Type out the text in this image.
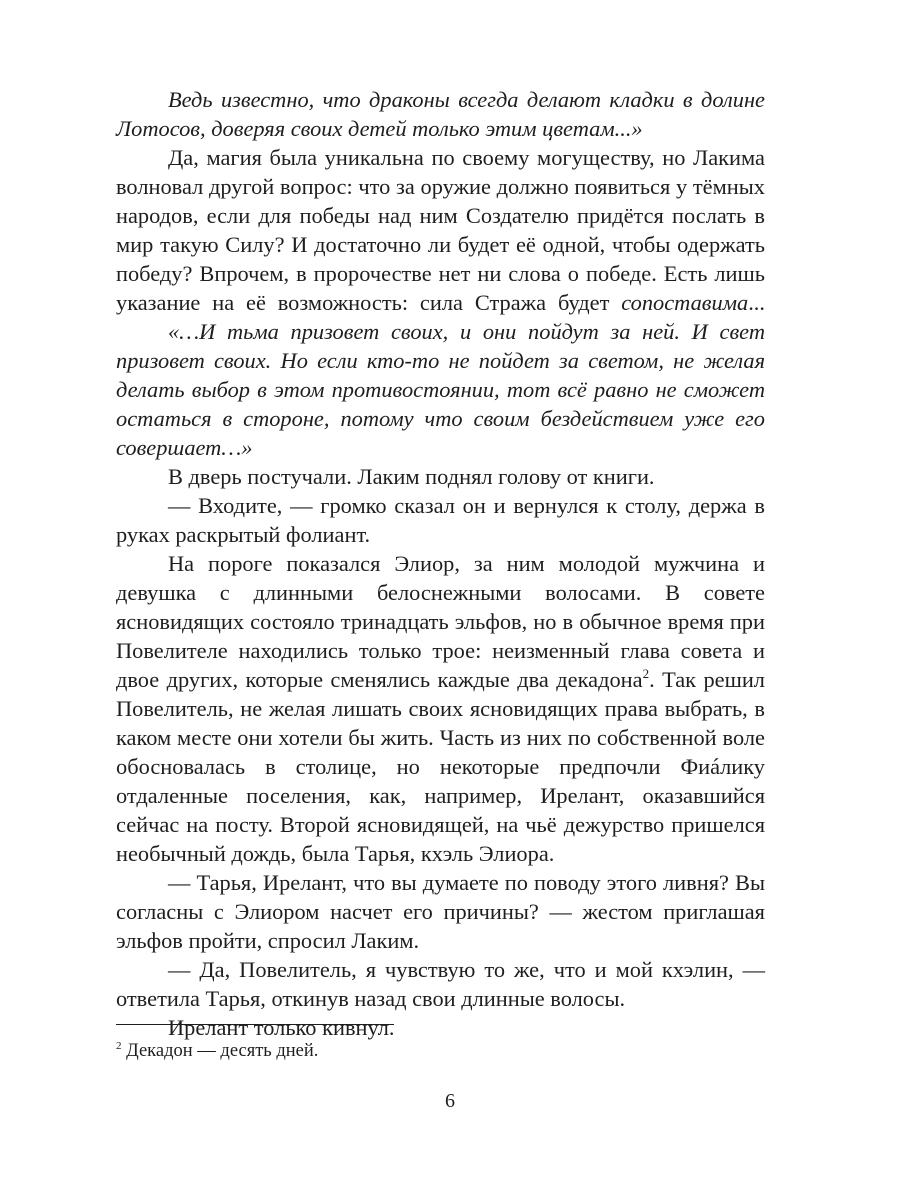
Ведь известно, что драконы всегда делают кладки в долине Лотосов, доверяя своих детей только этим цветам...»

Да, магия была уникальна по своему могуществу, но Лакима волновал другой вопрос: что за оружие должно появиться у тёмных народов, если для победы над ним Создателю придётся послать в мир такую Силу? И достаточно ли будет её одной, чтобы одержать победу? Впрочем, в пророчестве нет ни слова о победе. Есть лишь указание на её возможность: сила Стража будет сопоставима...

«…И тьма призовет своих, и они пойдут за ней. И свет призовет своих. Но если кто-то не пойдет за светом, не желая делать выбор в этом противостоянии, тот всё равно не сможет остаться в стороне, потому что своим бездействием уже его совершает…»

В дверь постучали. Лаким поднял голову от книги.

— Входите, — громко сказал он и вернулся к столу, держа в руках раскрытый фолиант.

На пороге показался Элиор, за ним молодой мужчина и девушка с длинными белоснежными волосами. В совете ясновидящих состояло тринадцать эльфов, но в обычное время при Повелителе находились только трое: неизменный глава совета и двое других, которые сменялись каждые два декадона$^2$. Так решил Повелитель, не желая лишать своих ясновидящих права выбрать, в каком месте они хотели бы жить. Часть из них по собственной воле обосновалась в столице, но некоторые предпочли Фиáлику отдаленные поселения, как, например, Ирелант, оказавшийся сейчас на посту. Второй ясновидящей, на чьё дежурство пришелся необычный дождь, была Тарья, кхэль Элиора.

— Тарья, Ирелант, что вы думаете по поводу этого ливня? Вы согласны с Элиором насчет его причины? — жестом приглашая эльфов пройти, спросил Лаким.

— Да, Повелитель, я чувствую то же, что и мой кхэлин, — ответила Тарья, откинув назад свои длинные волосы.

Ирелант только кивнул.

$^2$ Декадон — десять дней.
6
